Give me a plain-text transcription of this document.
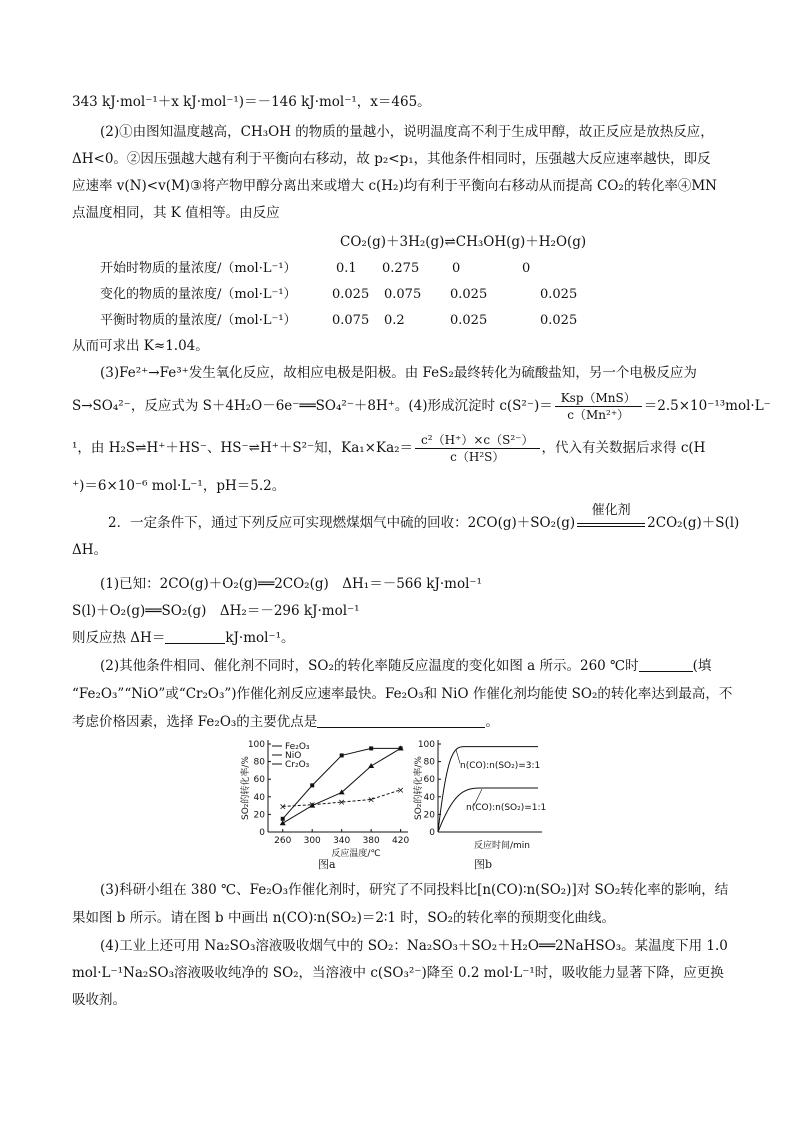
343 kJ·mol⁻¹＋x kJ·mol⁻¹)＝－146 kJ·mol⁻¹，x＝465。
(2)①由图知温度越高，CH₃OH 的物质的量越小，说明温度高不利于生成甲醇，故正反应是放热反应，
ΔH<0。②因压强越大越有利于平衡向右移动，故 p₂<p₁，其他条件相同时，压强越大反应速率越快，即反
应速率 v(N)<v(M)③将产物甲醇分离出来或增大 c(H₂)均有利于平衡向右移动从而提高 CO₂的转化率④MN
点温度相同，其 K 值相等。由反应
CO₂(g)＋3H₂(g)⇌CH₃OH(g)＋H₂O(g)
开始时物质的量浓度/（mol·L⁻¹）	0.1 0.275	0	0
变化的物质的量浓度/（mol·L⁻¹）	0.025 0.075 0.025	0.025
平衡时物质的量浓度/（mol·L⁻¹）	0.075 0.2	0.025	0.025
从而可求出 K≈1.04。
(3)Fe²⁺→Fe³⁺发生氧化反应，故相应电极是阳极。由 FeS₂最终转化为硫酸盐知，另一个电极反应为
S→SO₄²⁻，反应式为 S＋4H₂O－6e⁻══SO₄²⁻＋8H⁺。(4)形成沉淀时 $c(S^{2-})= \frac{\text{Ksp（MnS）}}{\text{c（Mn²⁺）}} =2.5\times 10^{-13}mol\cdot L^-$
¹，由 H₂S⇌H⁺＋HS⁻、HS⁻⇌H⁺＋S²⁻知，$Ka_1\times Ka_2= \frac{\text{c²（H⁺）×c（S²⁻）}}{\text{c（H²S）}}$ ，代入有关数据后求得 c(H
⁺)＝6×10⁻⁶ mol·L⁻¹，pH＝5.2。
2．一定条件下，通过下列反应可实现燃煤烟气中硫的回收：2CO(g)＋SO₂(g)
催化剂
2CO₂(g)＋S(l)
ΔH。
(1)已知：2CO(g)＋O₂(g)══2CO₂(g)　ΔH₁＝－566 kJ·mol⁻¹
S(l)＋O₂(g)══SO₂(g)　ΔH₂＝－296 kJ·mol⁻¹
则反应热 ΔH＝	kJ·mol⁻¹。
(2)其他条件相同、催化剂不同时，SO₂的转化率随反应温度的变化如图 a 所示。260 ℃时	(填
“Fe₂O₃”“NiO”或“Cr₂O₃”)作催化剂反应速率最快。Fe₂O₃和 NiO 作催化剂均能使 SO₂的转化率达到最高，不
考虑价格因素，选择 Fe₂O₃的主要优点是	。
0
20
40
60
80
100
260 300 340 380 420
反应温度/℃
SO₂的转化率/%
Fe₂O₃
NiO
× × × ×
×
Cr₂O₃
图a
0
20
40
60
80
100
反应时间/min
SO₂的转化率/%	n(CO):n(SO₂)=3:1
n(CO):n(SO₂)=1:1
图b
(3)科研小组在 380 ℃、Fe₂O₃作催化剂时，研究了不同投料比[n(CO)∶n(SO₂)]对 SO₂转化率的影响，结
果如图 b 所示。请在图 b 中画出 n(CO)∶n(SO₂)＝2∶1 时，SO₂的转化率的预期变化曲线。
(4)工业上还可用 Na₂SO₃溶液吸收烟气中的 SO₂：Na₂SO₃＋SO₂＋H₂O══2NaHSO₃。某温度下用 1.0
mol·L⁻¹Na₂SO₃溶液吸收纯净的 SO₂，当溶液中 c(SO₃²⁻)降至 0.2 mol·L⁻¹时，吸收能力显著下降，应更换
吸收剂。
